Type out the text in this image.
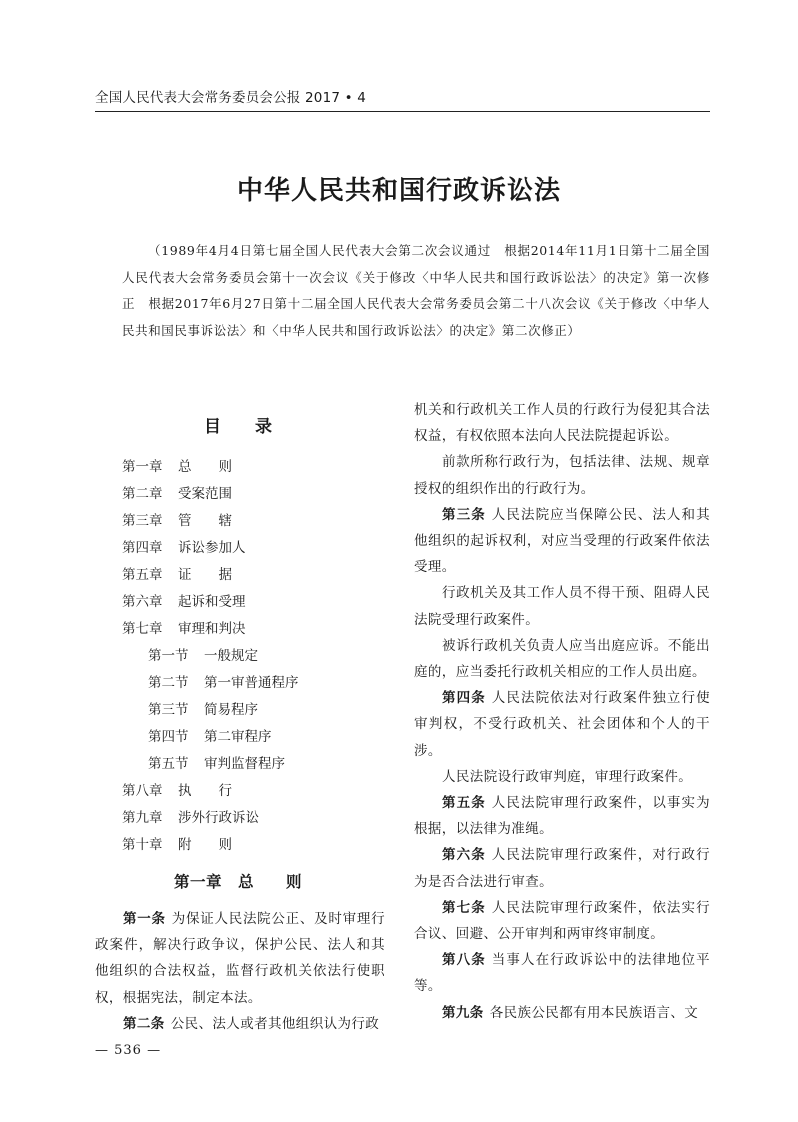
全国人民代表大会常务委员会公报 2017 • 4
中华人民共和国行政诉讼法
（1989年4月4日第七届全国人民代表大会第二次会议通过　根据2014年11月1日第十二届全国人民代表大会常务委员会第十一次会议《关于修改〈中华人民共和国行政诉讼法〉的决定》第一次修正　根据2017年6月27日第十二届全国人民代表大会常务委员会第二十八次会议《关于修改〈中华人民共和国民事诉讼法〉和〈中华人民共和国行政诉讼法〉的决定》第二次修正）
目录
第一章 总　　则
第二章 受案范围
第三章 管　　辖
第四章 诉讼参加人
第五章 证　　据
第六章 起诉和受理
第七章 审理和判决
第一节 一般规定
第二节 第一审普通程序
第三节 简易程序
第四节 第二审程序
第五节 审判监督程序
第八章 执　　行
第九章 涉外行政诉讼
第十章 附　　则
第一章　总　　则

第一条 为保证人民法院公正、及时审理行政案件，解决行政争议，保护公民、法人和其他组织的合法权益，监督行政机关依法行使职权，根据宪法，制定本法。

第二条 公民、法人或者其他组织认为行政

机关和行政机关工作人员的行政行为侵犯其合法权益，有权依照本法向人民法院提起诉讼。

前款所称行政行为，包括法律、法规、规章授权的组织作出的行政行为。

第三条 人民法院应当保障公民、法人和其他组织的起诉权利，对应当受理的行政案件依法受理。

行政机关及其工作人员不得干预、阻碍人民法院受理行政案件。

被诉行政机关负责人应当出庭应诉。不能出庭的，应当委托行政机关相应的工作人员出庭。

第四条 人民法院依法对行政案件独立行使审判权，不受行政机关、社会团体和个人的干涉。

人民法院设行政审判庭，审理行政案件。

第五条 人民法院审理行政案件，以事实为根据，以法律为准绳。

第六条 人民法院审理行政案件，对行政行为是否合法进行审查。

第七条 人民法院审理行政案件，依法实行合议、回避、公开审判和两审终审制度。

第八条 当事人在行政诉讼中的法律地位平等。

第九条 各民族公民都有用本民族语言、文

— 536 —
